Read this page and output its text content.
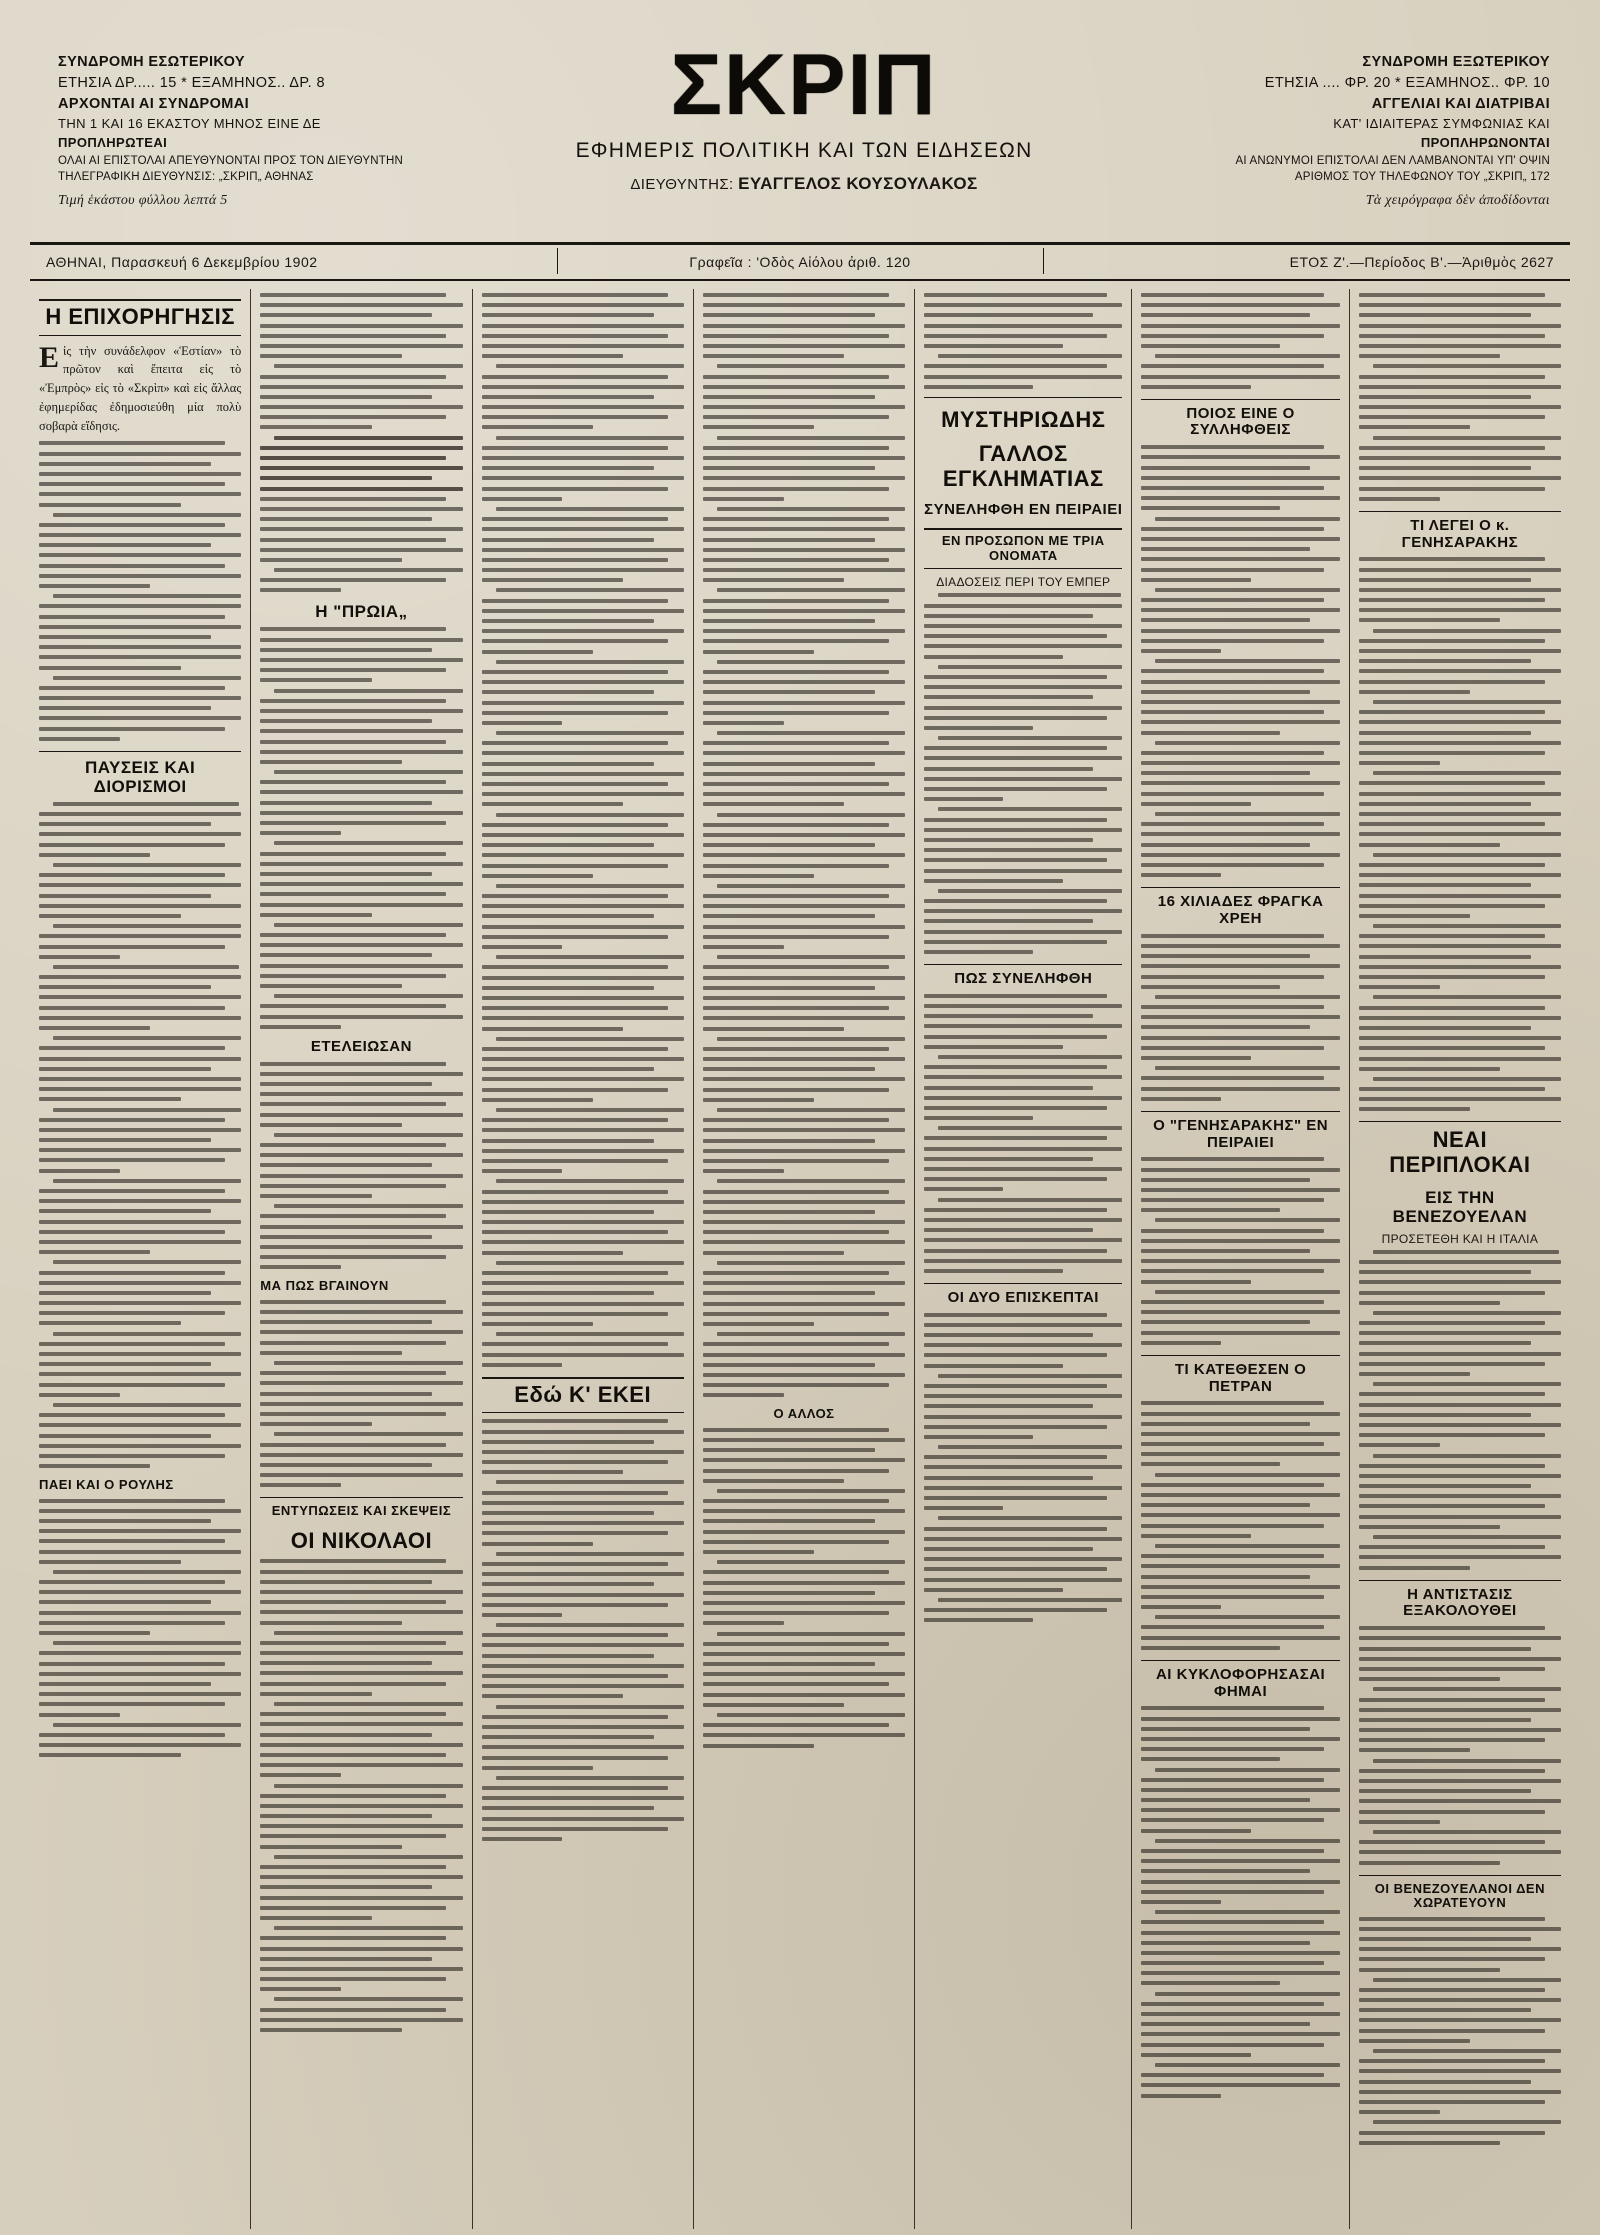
ΣΥΝΔΡΟΜΗ ΕΣΩΤΕΡΙΚΟΥ
ΕΤΗΣΙΑ ΔΡ..... 15 * ΕΞΑΜΗΝΟΣ.. ΔΡ. 8
ΑΡΧΟΝΤΑΙ ΑΙ ΣΥΝΔΡΟΜΑΙ
ΤΗΝ 1 ΚΑΙ 16 ΕΚΑΣΤΟΥ ΜΗΝΟΣ ΕΙΝΕ ΔΕ
ΠΡΟΠΛΗΡΩΤΕΑΙ
ΟΛΑΙ ΑΙ ΕΠΙΣΤΟΛΑΙ ΑΠΕΥΘΥΝΟΝΤΑΙ ΠΡΟΣ ΤΟΝ ΔΙΕΥΘΥΝΤΗΝ
ΤΗΛΕΓΡΑΦΙΚΗ ΔΙΕΥΘΥΝΣΙΣ: „ΣΚΡΙΠ„ ΑΘΗΝΑΣ
Τιμή ἑκάστου φύλλου λεπτά 5
ΣΚΡΙΠ
ΕΦΗΜΕΡΙΣ ΠΟΛΙΤΙΚΗ ΚΑΙ ΤΩΝ ΕΙΔΗΣΕΩΝ
ΔΙΕΥΘΥΝΤΗΣ: ΕΥΑΓΓΕΛΟΣ ΚΟΥΣΟΥΛΑΚΟΣ
ΣΥΝΔΡΟΜΗ ΕΞΩΤΕΡΙΚΟΥ
ΕΤΗΣΙΑ .... ΦΡ. 20 * ΕΞΑΜΗΝΟΣ.. ΦΡ. 10
ΑΓΓΕΛΙΑΙ ΚΑΙ ΔΙΑΤΡΙΒΑΙ
ΚΑΤ' ΙΔΙΑΙΤΕΡΑΣ ΣΥΜΦΩΝΙΑΣ ΚΑΙ
ΠΡΟΠΛΗΡΩΝΟΝΤΑΙ
ΑΙ ΑΝΩΝΥΜΟΙ ΕΠΙΣΤΟΛΑΙ ΔΕΝ ΛΑΜΒΑΝΟΝΤΑΙ ΥΠ' ΟΨΙΝ
ΑΡΙΘΜΟΣ ΤΟΥ ΤΗΛΕΦΩΝΟΥ ΤΟΥ „ΣΚΡΙΠ„ 172
Τὰ χειρόγραφα δὲν ἀποδίδονται
ΑΘΗΝΑΙ, Παρασκευή 6 Δεκεμβρίου 1902	Γραφεῖα : 'Οδὸς Αἰόλου ἀριθ. 120	ΕΤΟΣ Ζ'.—Περίοδος Β'.—Ἀριθμὸς 2627
Η ΕΠΙΧΟΡΗΓΗΣΙΣ
Εἰς τὴν συνάδελφον «Ἑστίαν» τὸ πρῶτον καὶ ἔπειτα εἰς τὸ «Ἐμπρὸς» εἰς τὸ «Σκρὶπ» καὶ εἰς ἄλλας ἐφημερίδας ἐδημοσιεύθη μία πολὺ σοβαρὰ εἴδησις.
ΠΑΥΣΕΙΣ ΚΑΙ ΔΙΟΡΙΣΜΟΙ
ΠΑΕΙ ΚΑΙ Ο ΡΟΥΛΗΣ
Η "ΠΡΩΙΑ„
ΕΤΕΛΕΙΩΣΑΝ
ΜΑ ΠΩΣ ΒΓΑΙΝΟΥΝ
ΕΝΤΥΠΩΣΕΙΣ ΚΑΙ ΣΚΕΨΕΙΣ
ΟΙ ΝΙΚΟΛΑΟΙ
Εδώ Κ' ΕΚΕΙ
Ο ΑΛΛΟΣ
ΜΥΣΤΗΡΙΩΔΗΣ
ΓΑΛΛΟΣ ΕΓΚΛΗΜΑΤΙΑΣ
ΣΥΝΕΛΗΦΘΗ ΕΝ ΠΕΙΡΑΙΕΙ
ΕΝ ΠΡΟΣΩΠΟΝ ΜΕ ΤΡΙΑ ΟΝΟΜΑΤΑ
ΔΙΑΔΟΣΕΙΣ ΠΕΡΙ ΤΟΥ ΕΜΠΕΡ
ΠΩΣ ΣΥΝΕΛΗΦΘΗ
ΟΙ ΔΥΟ ΕΠΙΣΚΕΠΤΑΙ
ΠΟΙΟΣ ΕΙΝΕ Ο ΣΥΛΛΗΦΘΕΙΣ
16 ΧΙΛΙΑΔΕΣ ΦΡΑΓΚΑ ΧΡΕΗ
Ο "ΓΕΝΗΣΑΡΑΚΗΣ" ΕΝ ΠΕΙΡΑΙΕΙ
ΤΙ ΚΑΤΕΘΕΣΕΝ Ο ΠΕΤΡΑΝ
ΑΙ ΚΥΚΛΟΦΟΡΗΣΑΣΑΙ ΦΗΜΑΙ
ΤΙ ΛΕΓΕΙ Ο κ. ΓΕΝΗΣΑΡΑΚΗΣ
ΝΕΑΙ ΠΕΡΙΠΛΟΚΑΙ
ΕΙΣ ΤΗΝ ΒΕΝΕΖΟΥΕΛΑΝ
ΠΡΟΣΕΤΕΘΗ ΚΑΙ Η ΙΤΑΛΙΑ
Η ΑΝΤΙΣΤΑΣΙΣ ΕΞΑΚΟΛΟΥΘΕΙ
ΟΙ ΒΕΝΕΖΟΥΕΛΑΝΟΙ ΔΕΝ ΧΩΡΑΤΕΥΟΥΝ
